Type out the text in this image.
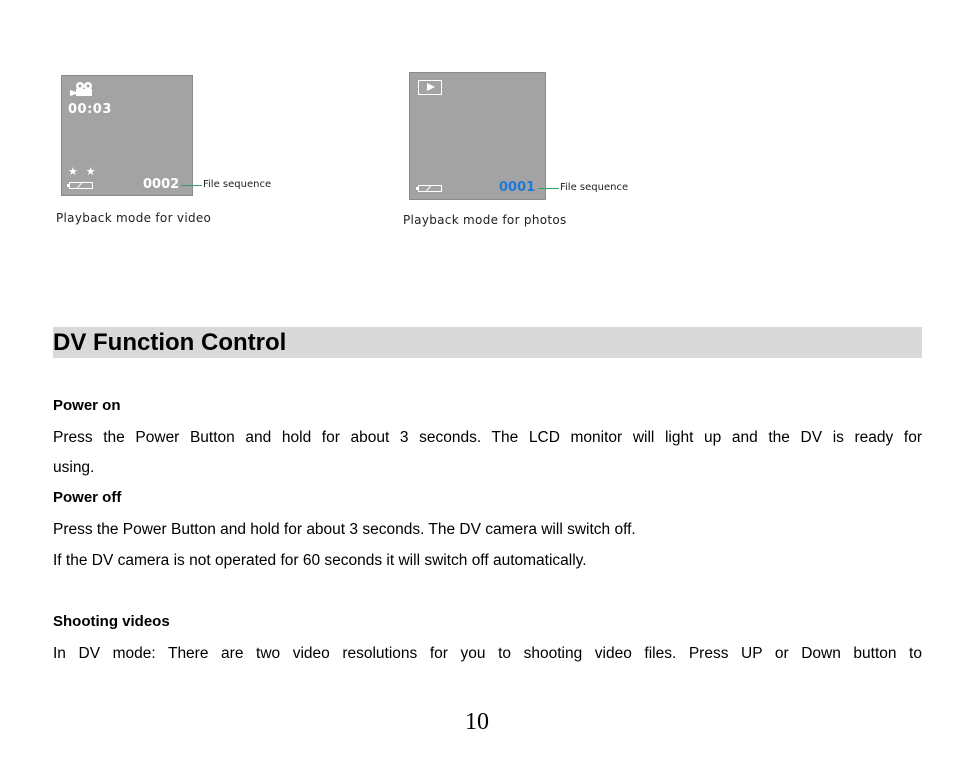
00:03
★ ★
0002 File sequence
Playback mode for video
0001 File sequence
Playback mode for photos
DV Function Control
Power on
Press the Power Button and hold for about 3 seconds. The LCD monitor will light up and the DV is ready for
using.
Power off
Press the Power Button and hold for about 3 seconds. The DV camera will switch off.
If the DV camera is not operated for 60 seconds it will switch off automatically.
Shooting videos
In DV mode: There are two video resolutions for you to shooting video files. Press UP or Down button to
10
